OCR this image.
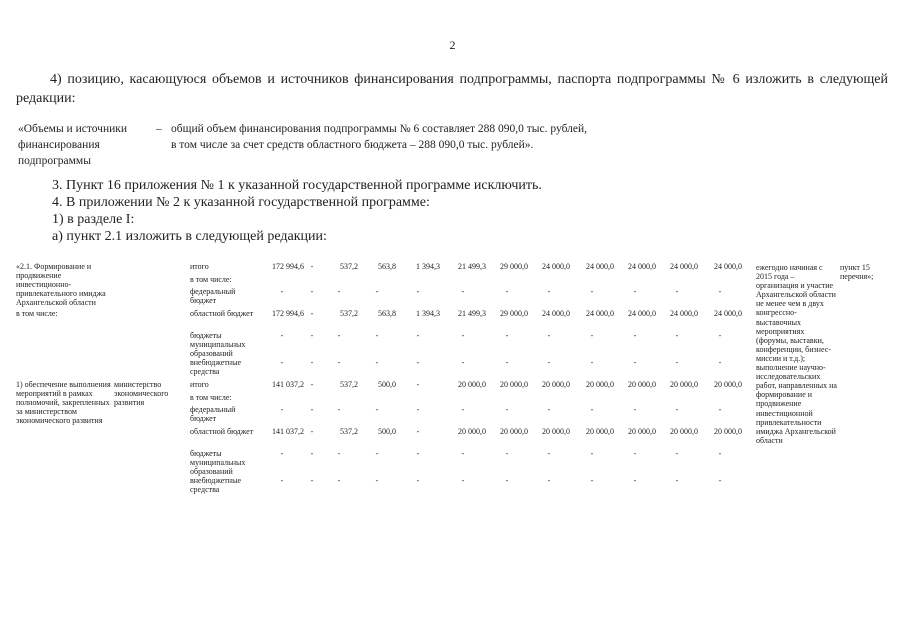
2

4) позицию, касающуюся объемов и источников финансирования подпрограммы, паспорта подпрограммы № 6 изложить в следующей редакции:

«Объемы и источники финансирования подпрограммы
– общий объем финансирования подпрограммы № 6 составляет 288 090,0 тыс. рублей,
в том числе за счет средств областного бюджета – 288 090,0 тыс. рублей».
3. Пункт 16 приложения № 1 к указанной государственной программе исключить.
4. В приложении № 2 к указанной государственной программе:
1) в разделе I:
а) пункт 2.1 изложить в следующей редакции:
«2.1. Формирование и продвижение инвестиционно-привлекательного имиджа Архангельской области		итого	172 994,6	-	537,2	563,8	1 394,3	21 499,3	29 000,0	24 000,0	24 000,0	24 000,0	24 000,0	24 000,0		
		в том числе:														
		федеральный бюджет	-	-	-	-	-	-	-	-	-	-	-	-		
в том числе:		областной бюджет	172 994,6	-	537,2	563,8	1 394,3	21 499,3	29 000,0	24 000,0	24 000,0	24 000,0	24 000,0	24 000,0		
		бюджеты муниципальных образований	-	-	-	-	-	-	-	-	-	-	-	-		
		внебюджетные средства	-	-	-	-	-	-	-	-	-	-	-	-		
1) обеспечение выполнения мероприятий в рамках полномочий, закрепленных за министерством экономического развития	министерство экономического развития	итого	141 037,2	-	537,2	500,0	-	20 000,0	20 000,0	20 000,0	20 000,0	20 000,0	20 000,0	20 000,0		
		в том числе:														
		федеральный бюджет	-	-	-	-	-	-	-	-	-	-	-	-		
		областной бюджет	141 037,2	-	537,2	500,0	-	20 000,0	20 000,0	20 000,0	20 000,0	20 000,0	20 000,0	20 000,0		
		бюджеты муниципальных образований	-	-	-	-	-	-	-	-	-	-	-	-		
		внебюджетные средства	-	-	-	-	-	-	-	-	-	-	-	-		
ежегодно начиная с 2015 года – организация и участие Архангельской области не менее чем в двух конгрессно-выставочных мероприятиях (форумы, выставки, конференции, бизнес-миссии и т.д.); выполнение научно-исследовательских работ, направленных на формирование и продвижение инвестиционной привлекательности имиджа Архангельской области
пункт 15 перечня»;
